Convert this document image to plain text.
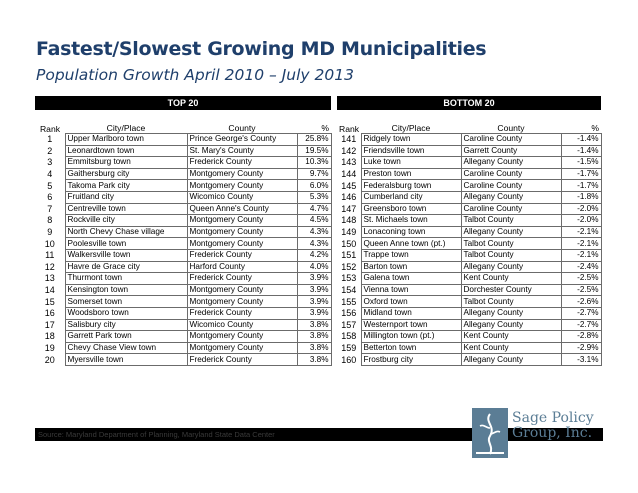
Fastest/Slowest Growing MD Municipalities
Population Growth April 2010 – July 2013
TOP 20
Rank	City/Place	County	%
1	Upper Marlboro town	Prince George's County	25.8%
2	Leonardtown town	St. Mary's County	19.5%
3	Emmitsburg town	Frederick County	10.3%
4	Gaithersburg city	Montgomery County	9.7%
5	Takoma Park city	Montgomery County	6.0%
6	Fruitland city	Wicomico County	5.3%
7	Centreville town	Queen Anne's County	4.7%
8	Rockville city	Montgomery County	4.5%
9	North Chevy Chase village	Montgomery County	4.3%
10	Poolesville town	Montgomery County	4.3%
11	Walkersville town	Frederick County	4.2%
12	Havre de Grace city	Harford County	4.0%
13	Thurmont town	Frederick County	3.9%
14	Kensington town	Montgomery County	3.9%
15	Somerset town	Montgomery County	3.9%
16	Woodsboro town	Frederick County	3.9%
17	Salisbury city	Wicomico County	3.8%
18	Garrett Park town	Montgomery County	3.8%
19	Chevy Chase View town	Montgomery County	3.8%
20	Myersville town	Frederick County	3.8%
BOTTOM 20
Rank	City/Place	County	%
141	Ridgely town	Caroline County	-1.4%
142	Friendsville town	Garrett County	-1.4%
143	Luke town	Allegany County	-1.5%
144	Preston town	Caroline County	-1.7%
145	Federalsburg town	Caroline County	-1.7%
146	Cumberland city	Allegany County	-1.8%
147	Greensboro town	Caroline County	-2.0%
148	St. Michaels town	Talbot County	-2.0%
149	Lonaconing town	Allegany County	-2.1%
150	Queen Anne town (pt.)	Talbot County	-2.1%
151	Trappe town	Talbot County	-2.1%
152	Barton town	Allegany County	-2.4%
153	Galena town	Kent County	-2.5%
154	Vienna town	Dorchester County	-2.5%
155	Oxford town	Talbot County	-2.6%
156	Midland town	Allegany County	-2.7%
157	Westernport town	Allegany County	-2.7%
158	Millington town (pt.)	Kent County	-2.8%
159	Betterton town	Kent County	-2.9%
160	Frostburg city	Allegany County	-3.1%
Source: Maryland Department of Planning, Maryland State Data Center
Sage Policy
Group, Inc.
